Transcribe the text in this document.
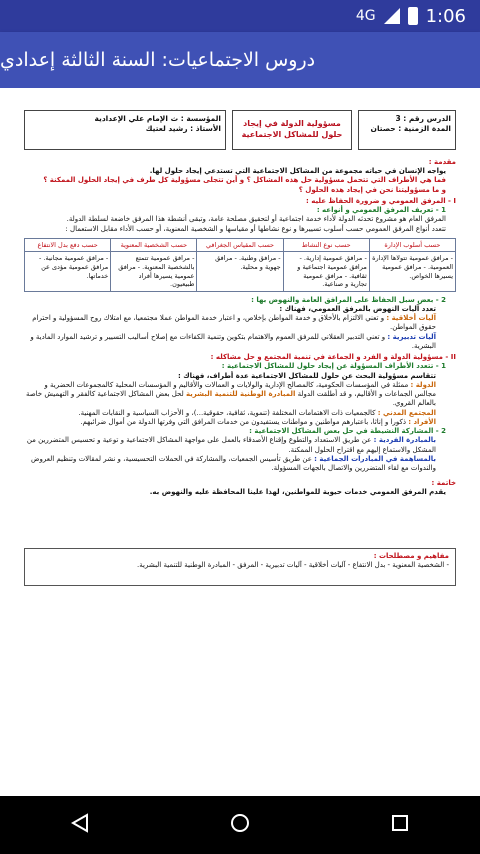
4G	1:06
دروس الاجتماعيات: السنة الثالثة إعدادي
الدرس رقم : 3
المدة الزمنية : حصتان
مسؤولية الدولة في إيجاد حلول للمشاكل الاجتماعية
المؤسسة : ث الإمام علي الإعدادية
الأستاذ : رشيد لعتيك
مقدمة :
يواجه الإنسان في حياته مجموعة من المشاكل الاجتماعية التي تستدعي إيجاد حلول لها.
فما هي الأطراف التي تتحمل مسؤولية حل هذه المشاكل ؟ و أين تتجلى مسؤولية كل طرف في إيجاد الحلول الممكنة ؟
و ما مسؤوليتنا نحن في إيجاد هذه الحلول ؟
I - المرفق العمومي و ضرورة الحفاظ عليه :
1 - تعريف المرفق العمومي و أنواعه :
المرفق العام هو مشروع تحدثه الدولة لأداء خدمة اجتماعية أو لتحقيق مصلحة عامة، وتبقى أنشطة هذا المرفق خاضعة لسلطة الدولة.
تتعدد أنواع المرفق العمومي حسب أسلوب تسييرها و نوع نشاطها أو مقياسها و الشخصية المعنوية، أو حسب الأداء مقابل الاستعمال :
حسب أسلوب الإدارة	حسب نوع النشاط	حسب المقياس الجغرافي	حسب الشخصية المعنوية	حسب دفع بدل الانتفاع
- مرافق عمومية تتولاها الإدارة العمومية. - مرافق عمومية يسيرها الخواص.	- مرافق عمومية إدارية. - مرافق عمومية اجتماعية و ثقافية. - مرافق عمومية تجارية و صناعية.	- مرافق وطنية. - مرافق جهوية و محلية.	- مرافق عمومية تتمتع بالشخصية المعنوية. - مرافق عمومية يسيرها أفراد طبيعيون.	- مرافق عمومية مجانية. - مرافق عمومية مؤدى عن خدماتها.
2 - بعض سبل الحفاظ على المرافق العامة والنهوض بها :
تعدد آليات النهوض بالمرفق العمومي، فهناك :
آليات أخلاقية : و تعني الالتزام بالأخلاق و خدمة المواطن بإخلاص، و اعتبار خدمة المواطن عملا مجتمعيا، مع امتلاك روح المسؤولية و احترام حقوق المواطن.
آليات تدبيرية : و تعني التدبير العقلاني للمرفق العموم والاهتمام بتكوين وتنمية الكفاءات مع إصلاح أساليب التسيير و ترشيد الموارد المادية و البشرية.
II - مسؤولية الدولة و الفرد و الجماعة في تنمية المجتمع و حل مشاكله :
1 - تتعدد الأطراف المسؤولة عن إيجاد حلول للمشاكل الاجتماعية :
تتقاسم مسؤولية البحث عن حلول للمشاكل الاجتماعية عدة أطراف، فهناك :
الدولة : ممثلة في المؤسسات الحكومية، كالمصالح الإدارية والولايات و العمالات والأقاليم و المؤسسات المحلية كالمجموعات الحضرية و مجالس الجماعات و الأقاليم، و قد أطلقت الدولة المبادرة الوطنية للتنمية البشرية لحل بعض المشاكل الاجتماعية كالفقر و التهميش خاصة بالعالم القروي.
المجتمع المدني : كالجمعيات ذات الاهتمامات المختلفة (تنموية، ثقافية، حقوقية...)، و الأحزاب السياسية و النقابات المهنية.
الأفراد : ذكورا و إناثا، باعتبارهم مواطنين و مواطنات يستفيدون من خدمات المرافق التي وفرتها الدولة من أموال ضرائبهم.
2 - المشاركة النشيطة في حل بعض المشاكل الاجتماعية :
بالمبادرة الفردية : عن طريق الاستعداد والتطوع وإقناع الأصدقاء بالعمل على مواجهة المشاكل الاجتماعية و توعية و تحسيس المتضررين من المشكل والاستماع إليهم مع اقتراح الحلول الممكنة.
بالمساهمة في المبادرات الجماعية : عن طريق تأسيس الجمعيات، والمشاركة في الحملات التحسيسية، و نشر لمقالات وتنظيم العروض والندوات مع لقاء المتضررين والاتصال بالجهات المسؤولة.
خاتمة :
يقدم المرفق العمومي خدمات حيوية للمواطنين، لهذا علينا المحافظة عليه والنهوض به.
مفاهيم و مصطلحات :
- الشخصية المعنوية - بدل الانتفاع - آليات أخلاقية - آليات تدبيرية - المرفق - المبادرة الوطنية للتنمية البشرية.
